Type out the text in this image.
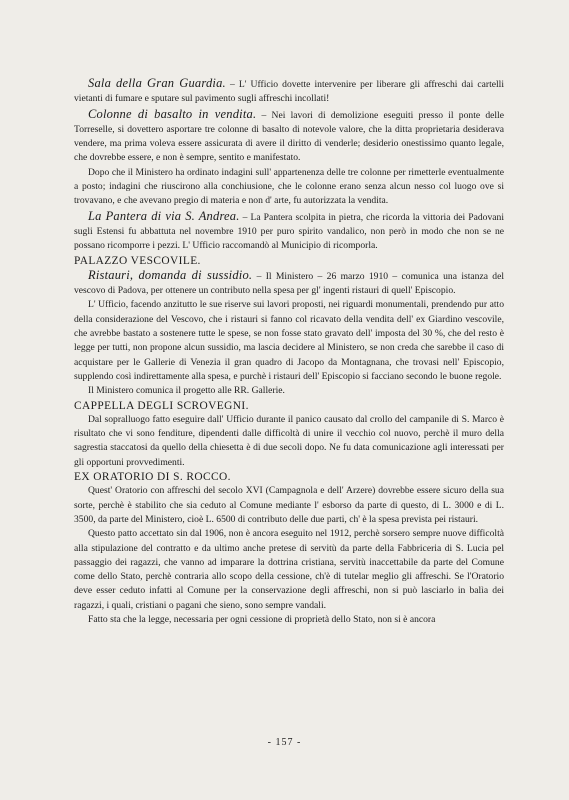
Sala della Gran Guardia. – L' Ufficio dovette intervenire per liberare gli affreschi dai cartelli vietanti di fumare e sputare sul pavimento sugli affreschi incollati!

Colonne di basalto in vendita. – Nei lavori di demolizione eseguiti presso il ponte delle Torreselle, si dovettero asportare tre colonne di basalto di notevole valore, che la ditta proprietaria desiderava vendere, ma prima voleva essere assicurata di avere il diritto di venderle; desiderio onestissimo quanto legale, che dovrebbe essere, e non è sempre, sentito e manifestato.

Dopo che il Ministero ha ordinato indagini sull' appartenenza delle tre colonne per rimetterle eventualmente a posto; indagini che riuscirono alla conchiusione, che le colonne erano senza alcun nesso col luogo ove si trovavano, e che avevano pregio di materia e non d' arte, fu autorizzata la vendita.

La Pantera di via S. Andrea. – La Pantera scolpita in pietra, che ricorda la vittoria dei Padovani sugli Estensi fu abbattuta nel novembre 1910 per puro spirito vandalico, non però in modo che non se ne possano ricomporre i pezzi. L' Ufficio raccomandò al Municipio di ricomporla.

PALAZZO VESCOVILE.

Ristauri, domanda di sussidio. – Il Ministero – 26 marzo 1910 – comunica una istanza del vescovo di Padova, per ottenere un contributo nella spesa per gl' ingenti ristauri di quell' Episcopio.

L' Ufficio, facendo anzitutto le sue riserve sui lavori proposti, nei riguardi monumentali, prendendo pur atto della considerazione del Vescovo, che i ristauri si fanno col ricavato della vendita dell' ex Giardino vescovile, che avrebbe bastato a sostenere tutte le spese, se non fosse stato gravato dell' imposta del 30 %, che del resto è legge per tutti, non propone alcun sussidio, ma lascia decidere al Ministero, se non creda che sarebbe il caso di acquistare per le Gallerie di Venezia il gran quadro di Jacopo da Montagnana, che trovasi nell' Episcopio, supplendo così indirettamente alla spesa, e purchè i ristauri dell' Episcopio si facciano secondo le buone regole.

Il Ministero comunica il progetto alle RR. Gallerie.

CAPPELLA DEGLI SCROVEGNI.

Dal sopralluogo fatto eseguire dall' Ufficio durante il panico causato dal crollo del campanile di S. Marco è risultato che vi sono fenditure, dipendenti dalle difficoltà di unire il vecchio col nuovo, perchè il muro della sagrestia staccatosi da quello della chiesetta è di due secoli dopo. Ne fu data comunicazione agli interessati per gli opportuni provvedimenti.

EX ORATORIO DI S. ROCCO.

Quest' Oratorio con affreschi del secolo XVI (Campagnola e dell' Arzere) dovrebbe essere sicuro della sua sorte, perchè è stabilito che sia ceduto al Comune mediante l' esborso da parte di questo, di L. 3000 e di L. 3500, da parte del Ministero, cioè L. 6500 di contributo delle due parti, ch' è la spesa prevista pei ristauri.

Questo patto accettato sin dal 1906, non è ancora eseguito nel 1912, perchè sorsero sempre nuove difficoltà alla stipulazione del contratto e da ultimo anche pretese di servitù da parte della Fabbriceria di S. Lucia pel passaggio dei ragazzi, che vanno ad imparare la dottrina cristiana, servitù inaccettabile da parte del Comune come dello Stato, perchè contraria allo scopo della cessione, ch'è di tutelar meglio gli affreschi. Se l'Oratorio deve esser ceduto infatti al Comune per la conservazione degli affreschi, non si può lasciarlo in balìa dei ragazzi, i quali, cristiani o pagani che sieno, sono sempre vandali.

Fatto sta che la legge, necessaria per ogni cessione di proprietà dello Stato, non si è ancora

- 157 -
